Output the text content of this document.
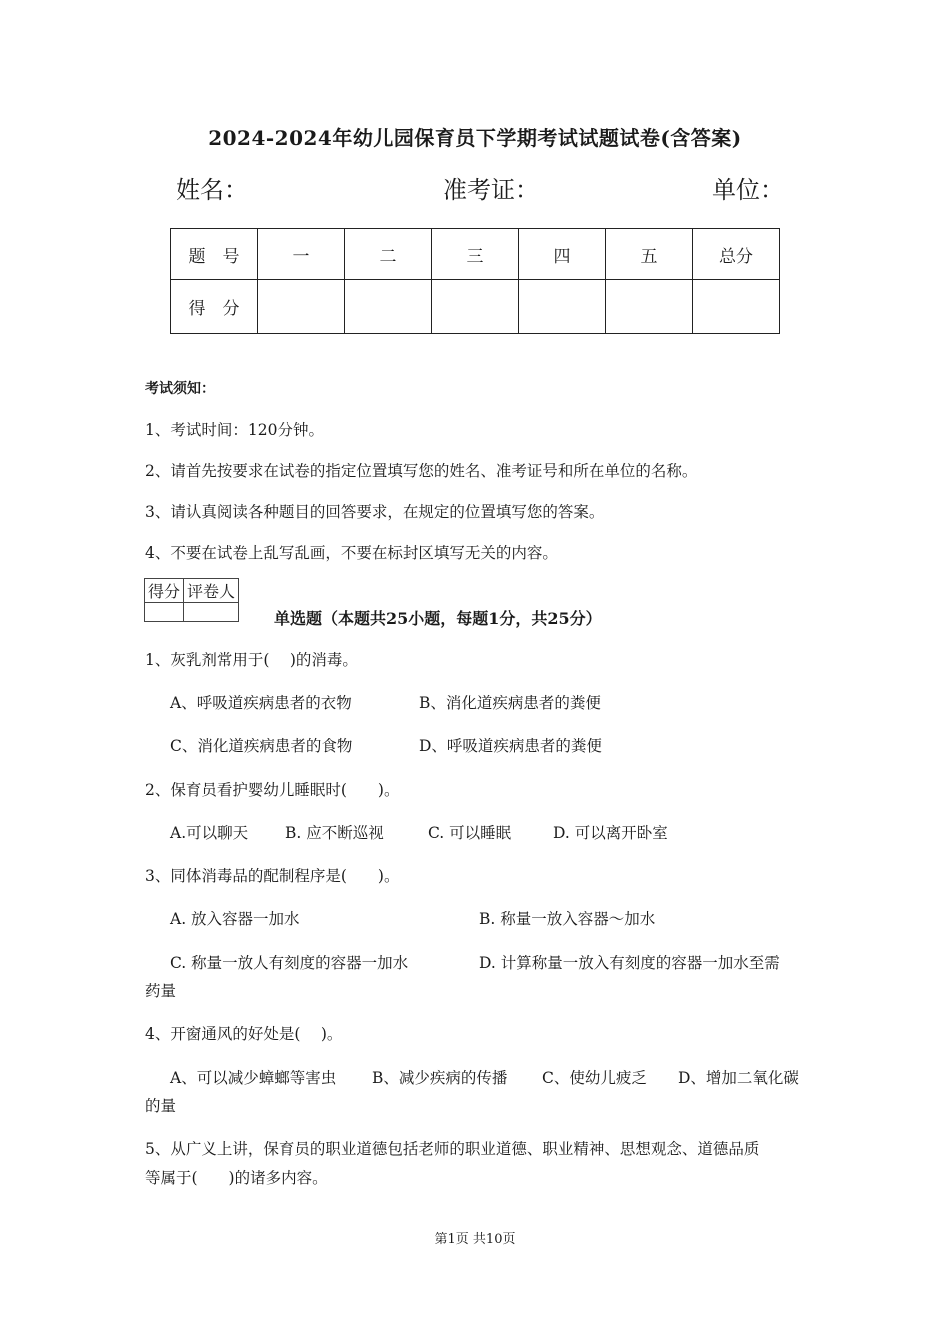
2024-2024年幼儿园保育员下学期考试试题试卷(含答案)
姓名：	准考证：	单位：
题　号	一	二	三	四	五	总分
得　分						
考试须知：
1、考试时间：120分钟。
2、请首先按要求在试卷的指定位置填写您的姓名、准考证号和所在单位的名称。
3、请认真阅读各种题目的回答要求，在规定的位置填写您的答案。
4、不要在试卷上乱写乱画，不要在标封区填写无关的内容。
得分	评卷人

单选题（本题共25小题，每题1分，共25分）
1、灰乳剂常用于(　 )的消毒。
A、呼吸道疾病患者的衣物	B、消化道疾病患者的粪便
C、消化道疾病患者的食物	D、呼吸道疾病患者的粪便
2、保育员看护婴幼儿睡眠时(　　)。
A.可以聊天 B. 应不断巡视	C. 可以睡眠	D. 可以离开卧室
3、同体消毒品的配制程序是(　　)。
A. 放入容器一加水	B. 称量一放入容器～加水
C. 称量一放人有刻度的容器一加水	D. 计算称量一放入有刻度的容器一加水至需
药量
4、开窗通风的好处是(　 )。
A、可以减少蟑螂等害虫 B、减少疾病的传播 C、使幼儿疲乏 D、增加二氧化碳
的量
5、从广义上讲，保育员的职业道德包括老师的职业道德、职业精神、思想观念、道德品质
等属于(　　)的诸多内容。
第1页 共10页
